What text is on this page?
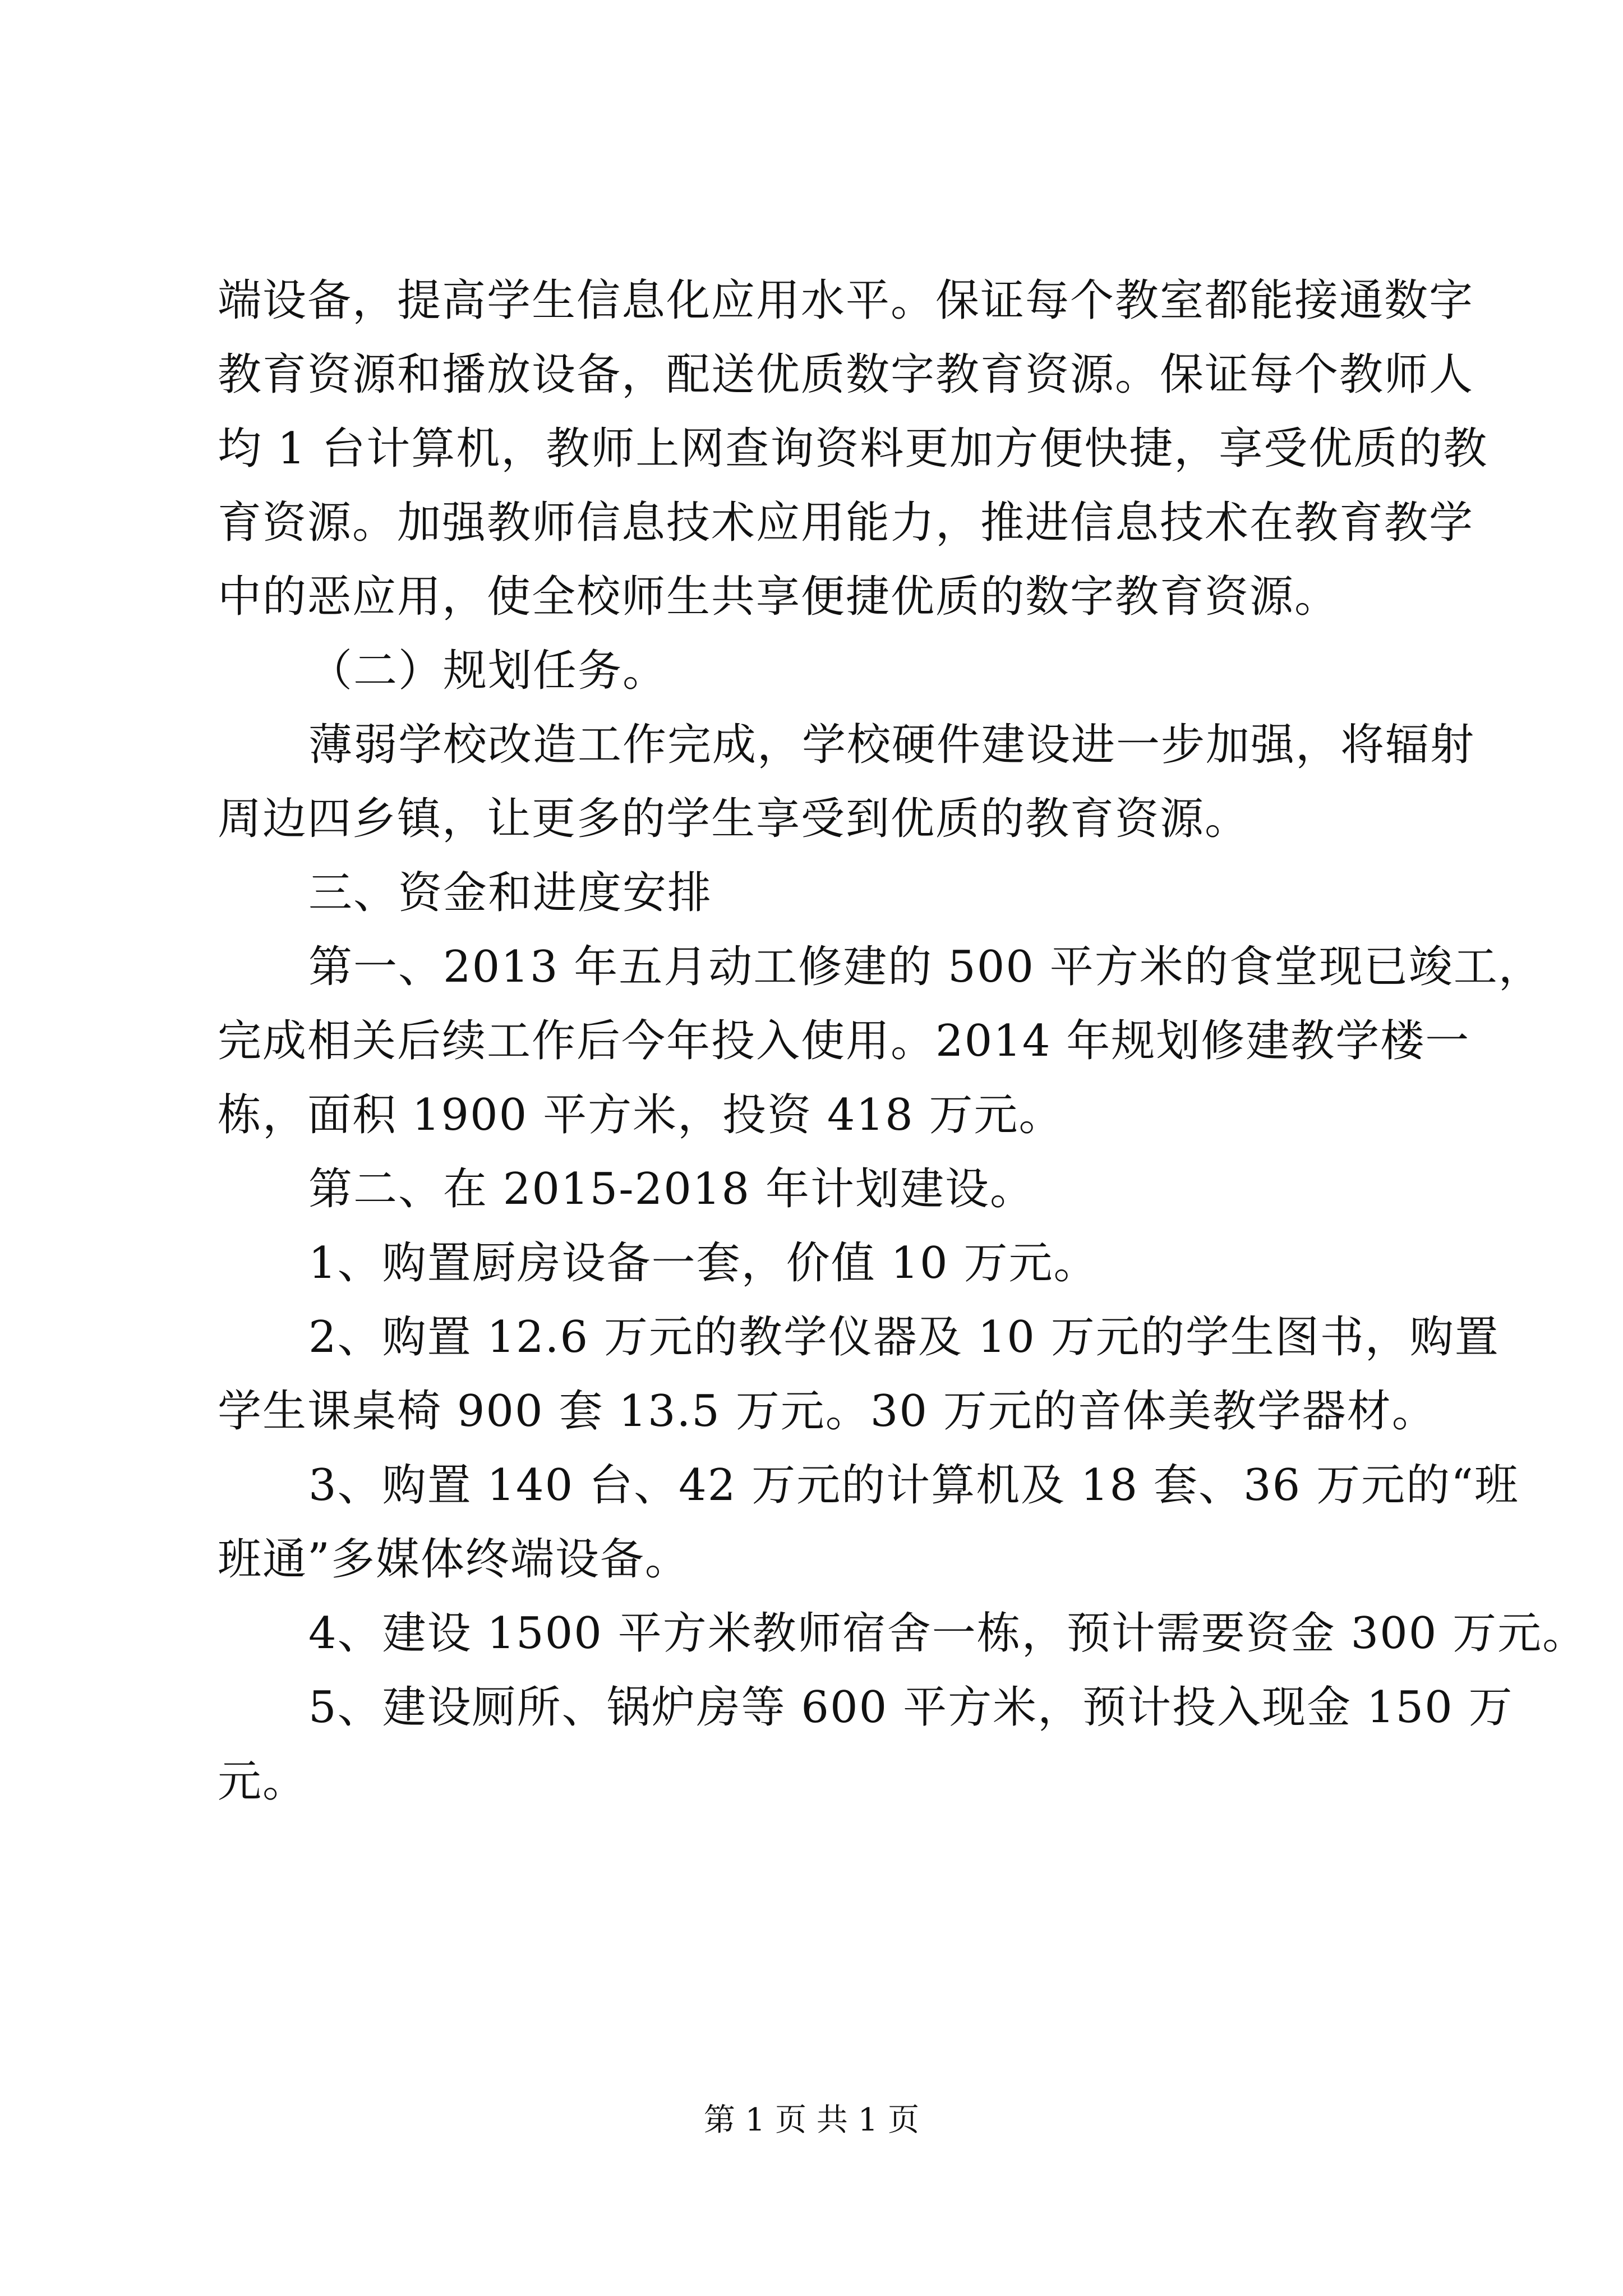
端设备，提高学生信息化应用水平。保证每个教室都能接通数字
教育资源和播放设备，配送优质数字教育资源。保证每个教师人
均 1 台计算机，教师上网查询资料更加方便快捷，享受优质的教
育资源。加强教师信息技术应用能力，推进信息技术在教育教学
中的恶应用，使全校师生共享便捷优质的数字教育资源。
（二）规划任务。
薄弱学校改造工作完成，学校硬件建设进一步加强，将辐射
周边四乡镇，让更多的学生享受到优质的教育资源。
三、资金和进度安排
第一、2013 年五月动工修建的 500 平方米的食堂现已竣工，
完成相关后续工作后今年投入使用。2014 年规划修建教学楼一
栋，面积 1900 平方米，投资 418 万元。
第二、在 2015-2018 年计划建设。
1、购置厨房设备一套，价值 10 万元。
2、购置 12.6 万元的教学仪器及 10 万元的学生图书，购置
学生课桌椅 900 套 13.5 万元。30 万元的音体美教学器材。
3、购置 140 台、42 万元的计算机及 18 套、36 万元的“班
班通”多媒体终端设备。
4、建设 1500 平方米教师宿舍一栋，预计需要资金 300 万元。
5、建设厕所、锅炉房等 600 平方米，预计投入现金 150 万
元。
第 1 页 共 1 页
